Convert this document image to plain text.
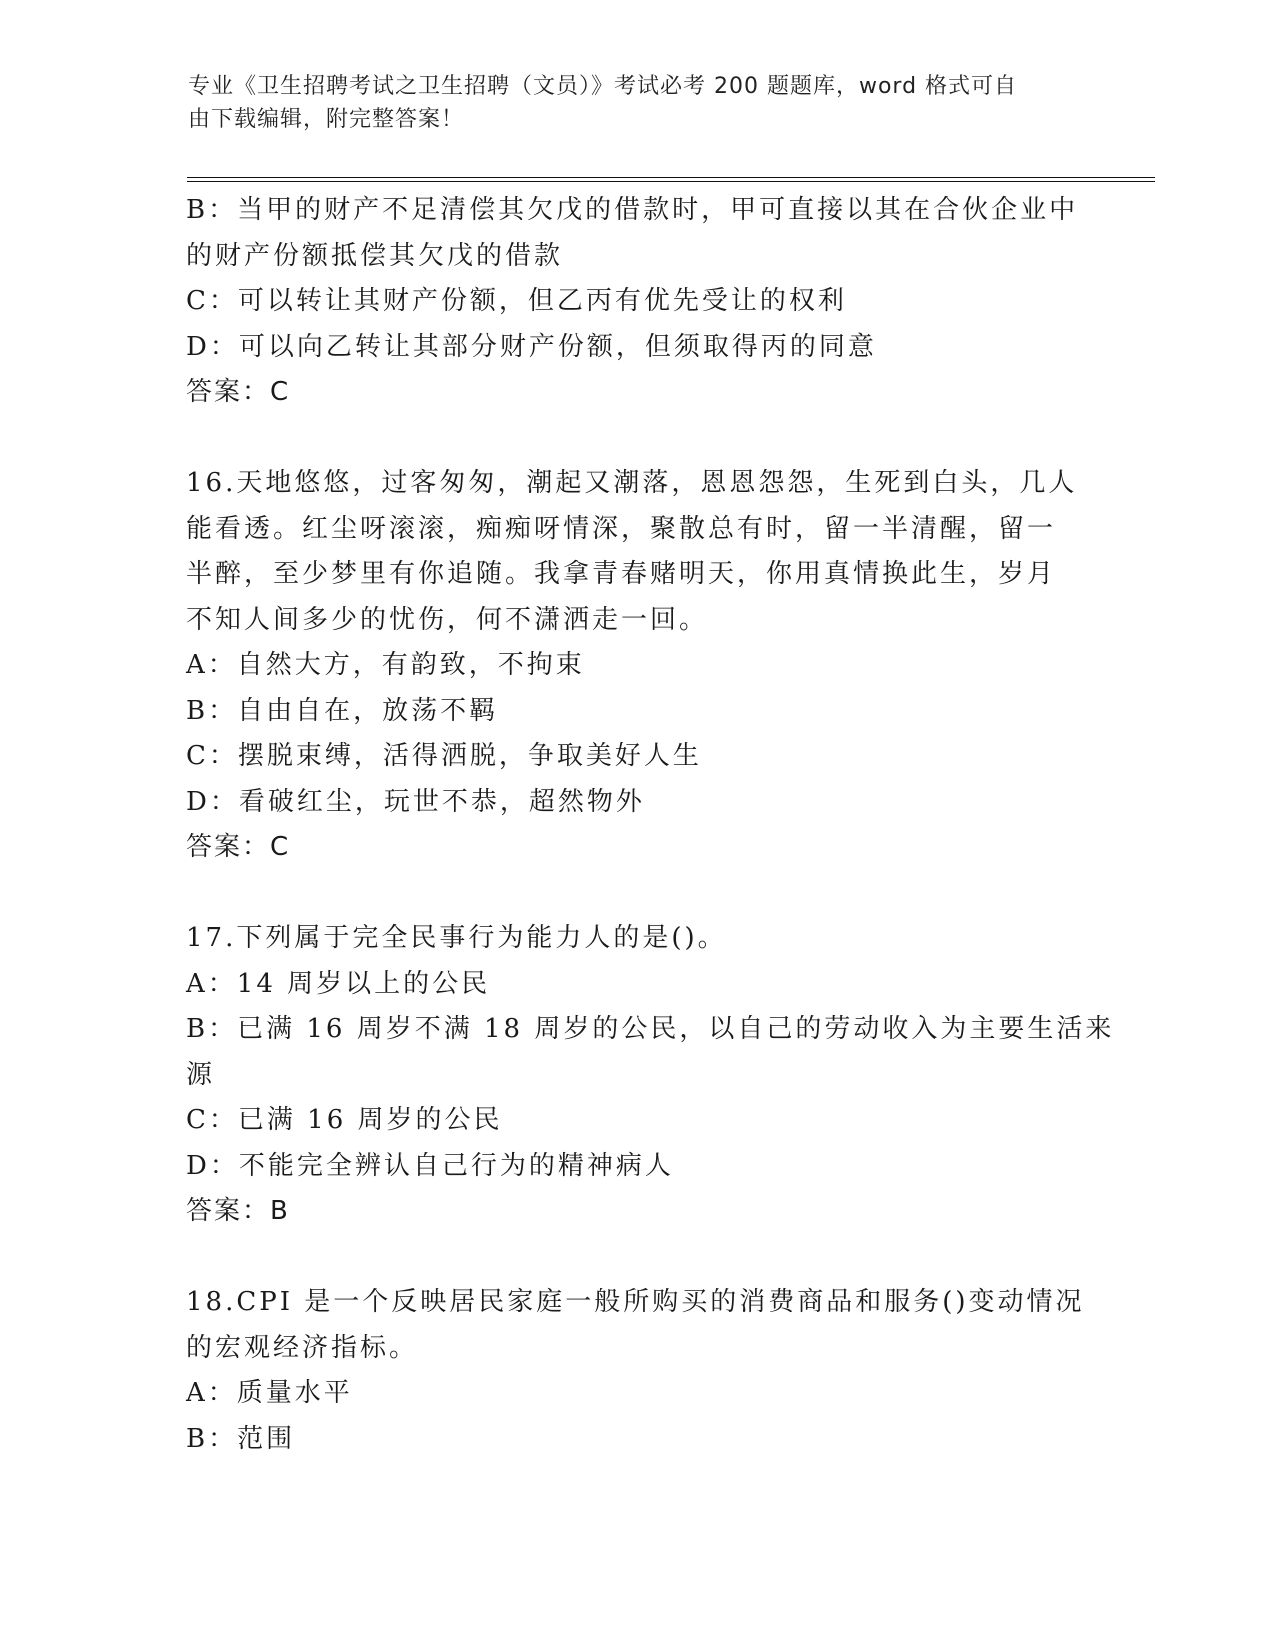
专业《卫生招聘考试之卫生招聘（文员）》考试必考 200 题题库，word 格式可自
由下载编辑，附完整答案！
B：当甲的财产不足清偿其欠戊的借款时，甲可直接以其在合伙企业中
的财产份额抵偿其欠戊的借款
C：可以转让其财产份额，但乙丙有优先受让的权利
D：可以向乙转让其部分财产份额，但须取得丙的同意
答案：C
16.天地悠悠，过客匆匆，潮起又潮落，恩恩怨怨，生死到白头，几人
能看透。红尘呀滚滚，痴痴呀情深，聚散总有时，留一半清醒，留一
半醉，至少梦里有你追随。我拿青春赌明天，你用真情换此生，岁月
不知人间多少的忧伤，何不潇洒走一回。
A：自然大方，有韵致，不拘束
B：自由自在，放荡不羁
C：摆脱束缚，活得洒脱，争取美好人生
D：看破红尘，玩世不恭，超然物外
答案：C
17.下列属于完全民事行为能力人的是()。
A：14 周岁以上的公民
B：已满 16 周岁不满 18 周岁的公民，以自己的劳动收入为主要生活来
源
C：已满 16 周岁的公民
D：不能完全辨认自己行为的精神病人
答案：B
18.CPI 是一个反映居民家庭一般所购买的消费商品和服务()变动情况
的宏观经济指标。
A：质量水平
B：范围
